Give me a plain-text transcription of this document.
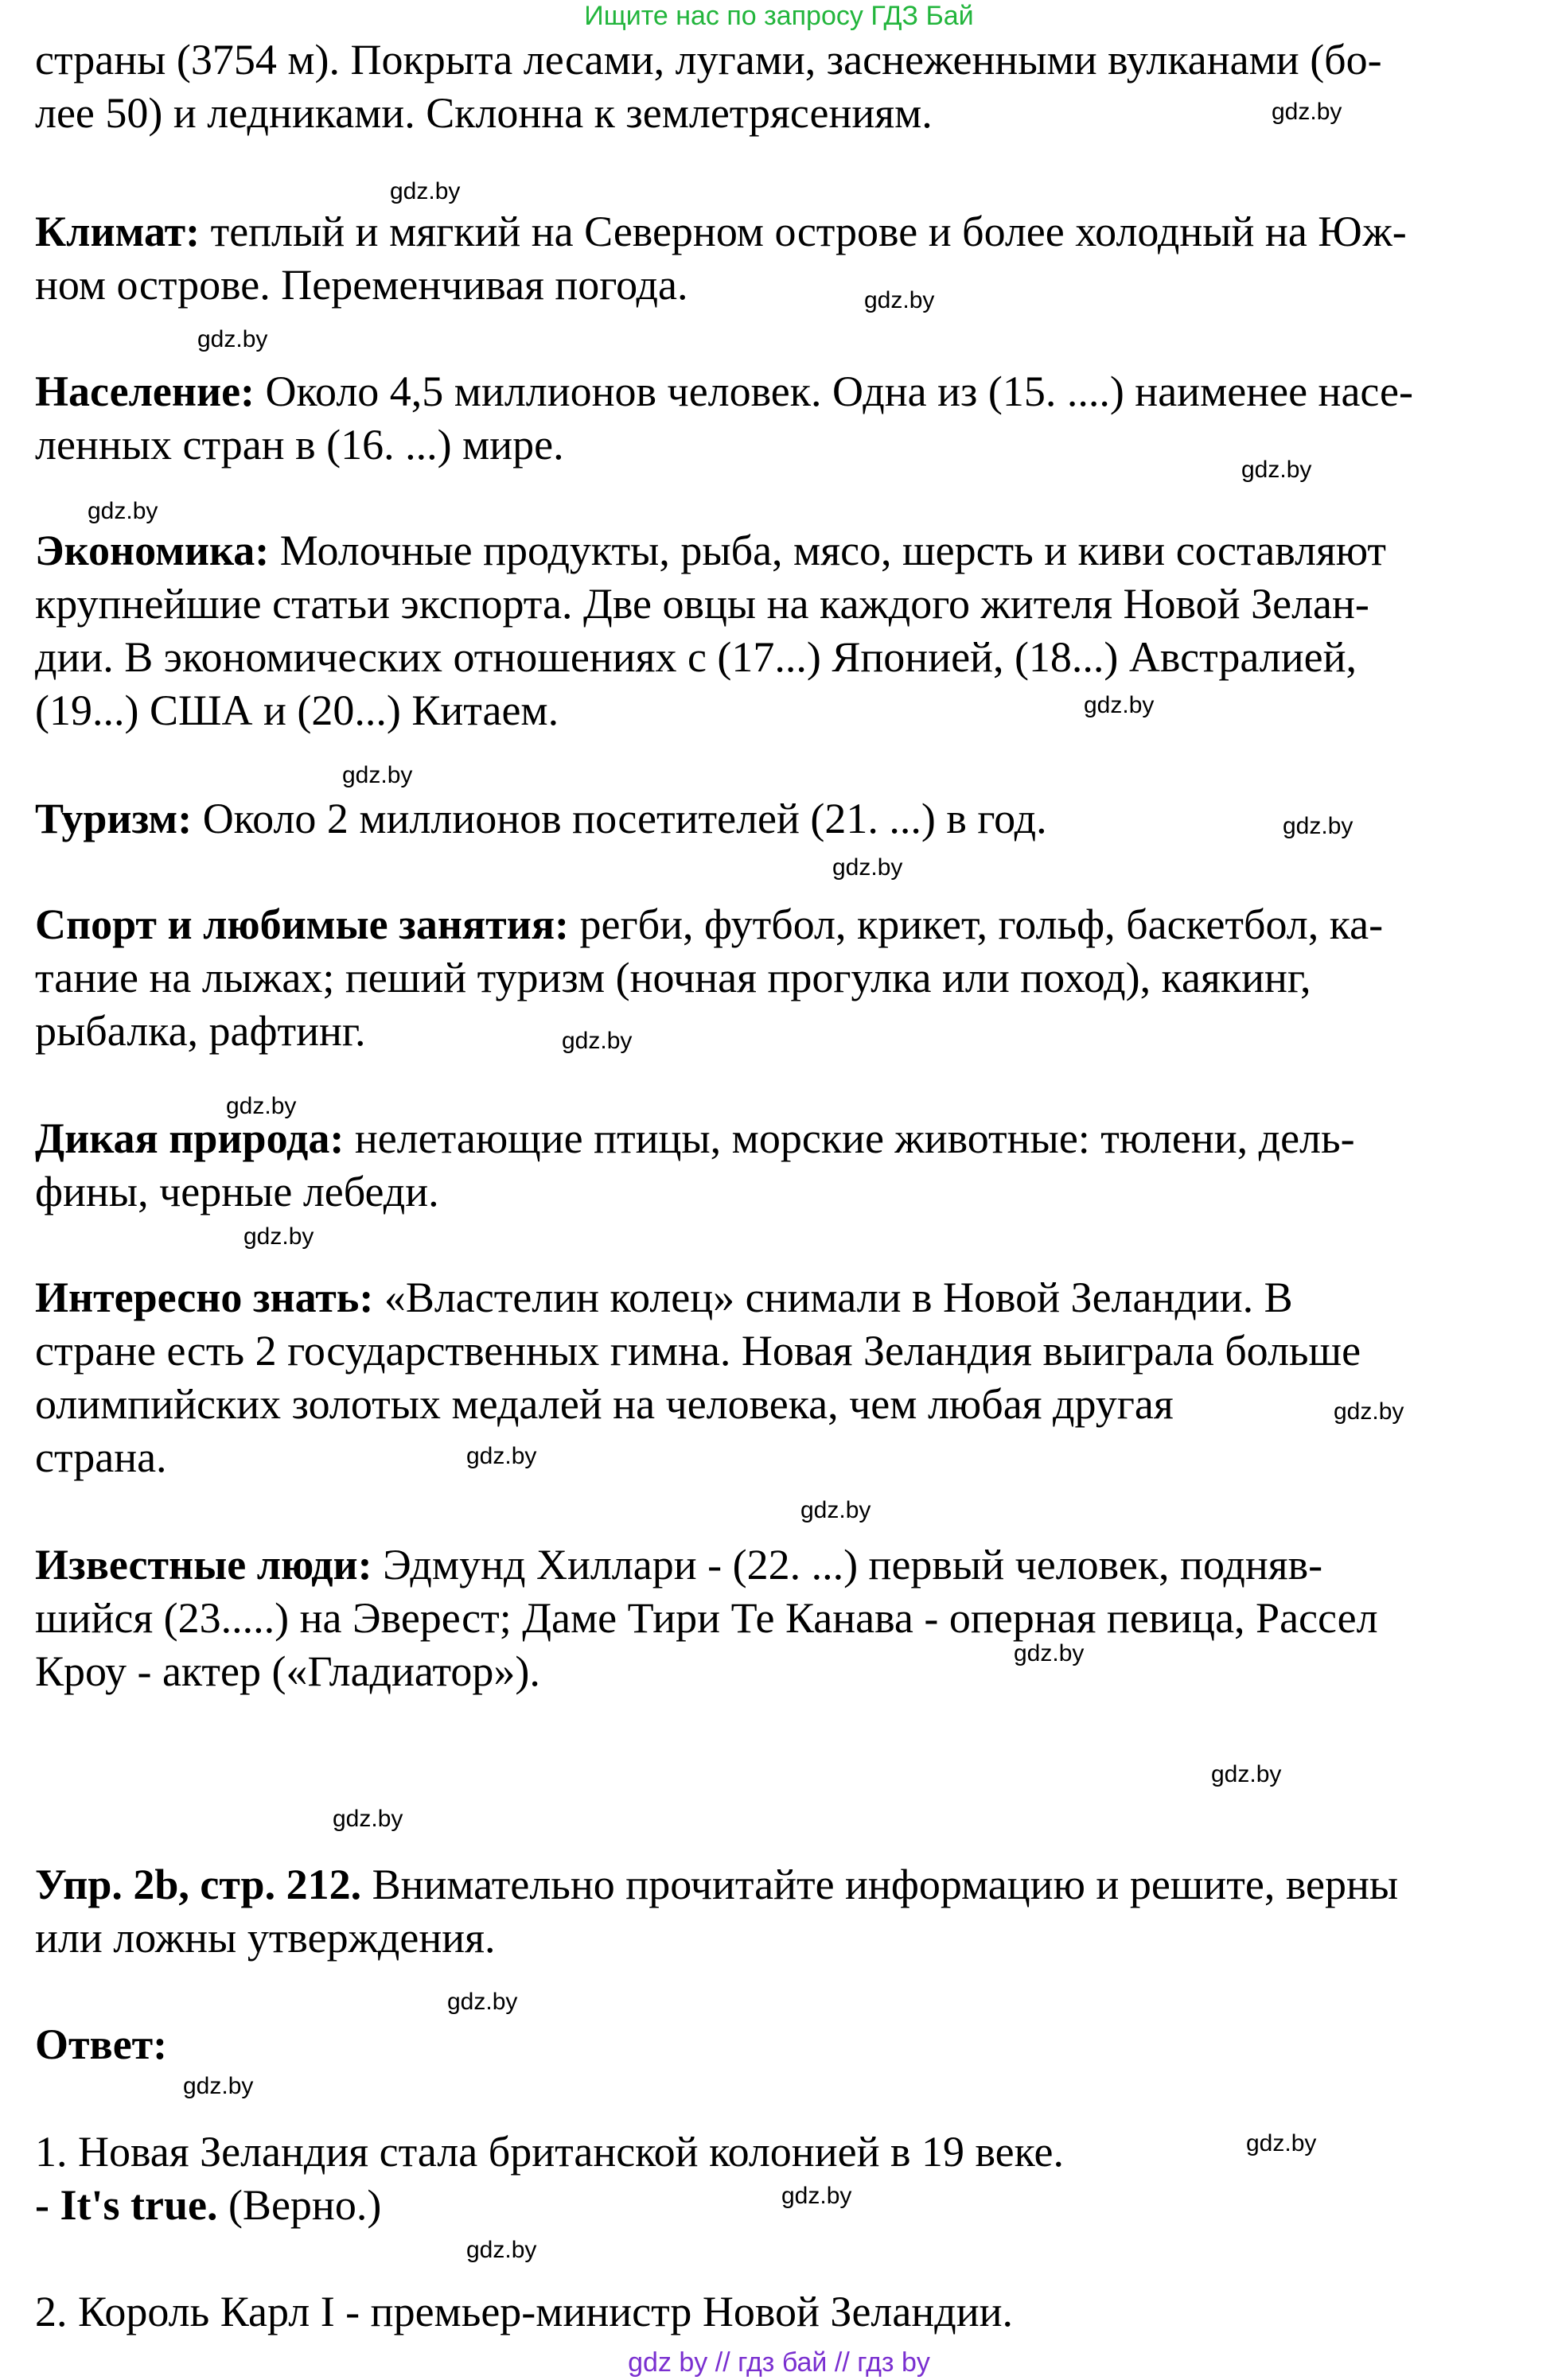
Ищите нас по запросу ГДЗ Бай
страны (3754 м). Покрыта лесами, лугами, заснеженными вулканами (бо-
лее 50) и ледниками. Склонна к землетрясениям.
Климат: теплый и мягкий на Северном острове и более холодный на Юж-
ном острове. Переменчивая погода.
Население: Около 4,5 миллионов человек. Одна из (15. ....) наименее насе-
ленных стран в (16. ...) мире.
Экономика: Молочные продукты, рыба, мясо, шерсть и киви составляют
крупнейшие статьи экспорта. Две овцы на каждого жителя Новой Зелан-
дии. В экономических отношениях с (17...) Японией, (18...) Австралией,
(19...) США и (20...) Китаем.
Туризм: Около 2 миллионов посетителей (21. ...) в год.
Спорт и любимые занятия: регби, футбол, крикет, гольф, баскетбол, ка-
тание на лыжах; пеший туризм (ночная прогулка или поход), каякинг,
рыбалка, рафтинг.
Дикая природа: нелетающие птицы, морские животные: тюлени, дель-
фины, черные лебеди.
Интересно знать: «Властелин колец» снимали в Новой Зеландии. В
стране есть 2 государственных гимна. Новая Зеландия выиграла больше
олимпийских золотых медалей на человека, чем любая другая
страна.
Известные люди: Эдмунд Хиллари - (22. ...) первый человек, подняв-
шийся (23.....) на Эверест; Даме Тири Те Канава - оперная певица, Рассел
Кроу - актер («Гладиатор»).
Упр. 2b, стр. 212. Внимательно прочитайте информацию и решите, верны
или ложны утверждения.
Ответ:
1. Новая Зеландия стала британской колонией в 19 веке.
- It's true. (Верно.)
2. Король Карл I - премьер-министр Новой Зеландии.
gdz.by
gdz.by
gdz.by
gdz.by
gdz.by
gdz.by
gdz.by
gdz.by
gdz.by
gdz.by
gdz.by
gdz.by
gdz.by
gdz.by
gdz.by
gdz.by
gdz.by
gdz.by
gdz.by
gdz.by
gdz.by
gdz.by
gdz.by
gdz.by
gdz by // гдз бай // гдз by
